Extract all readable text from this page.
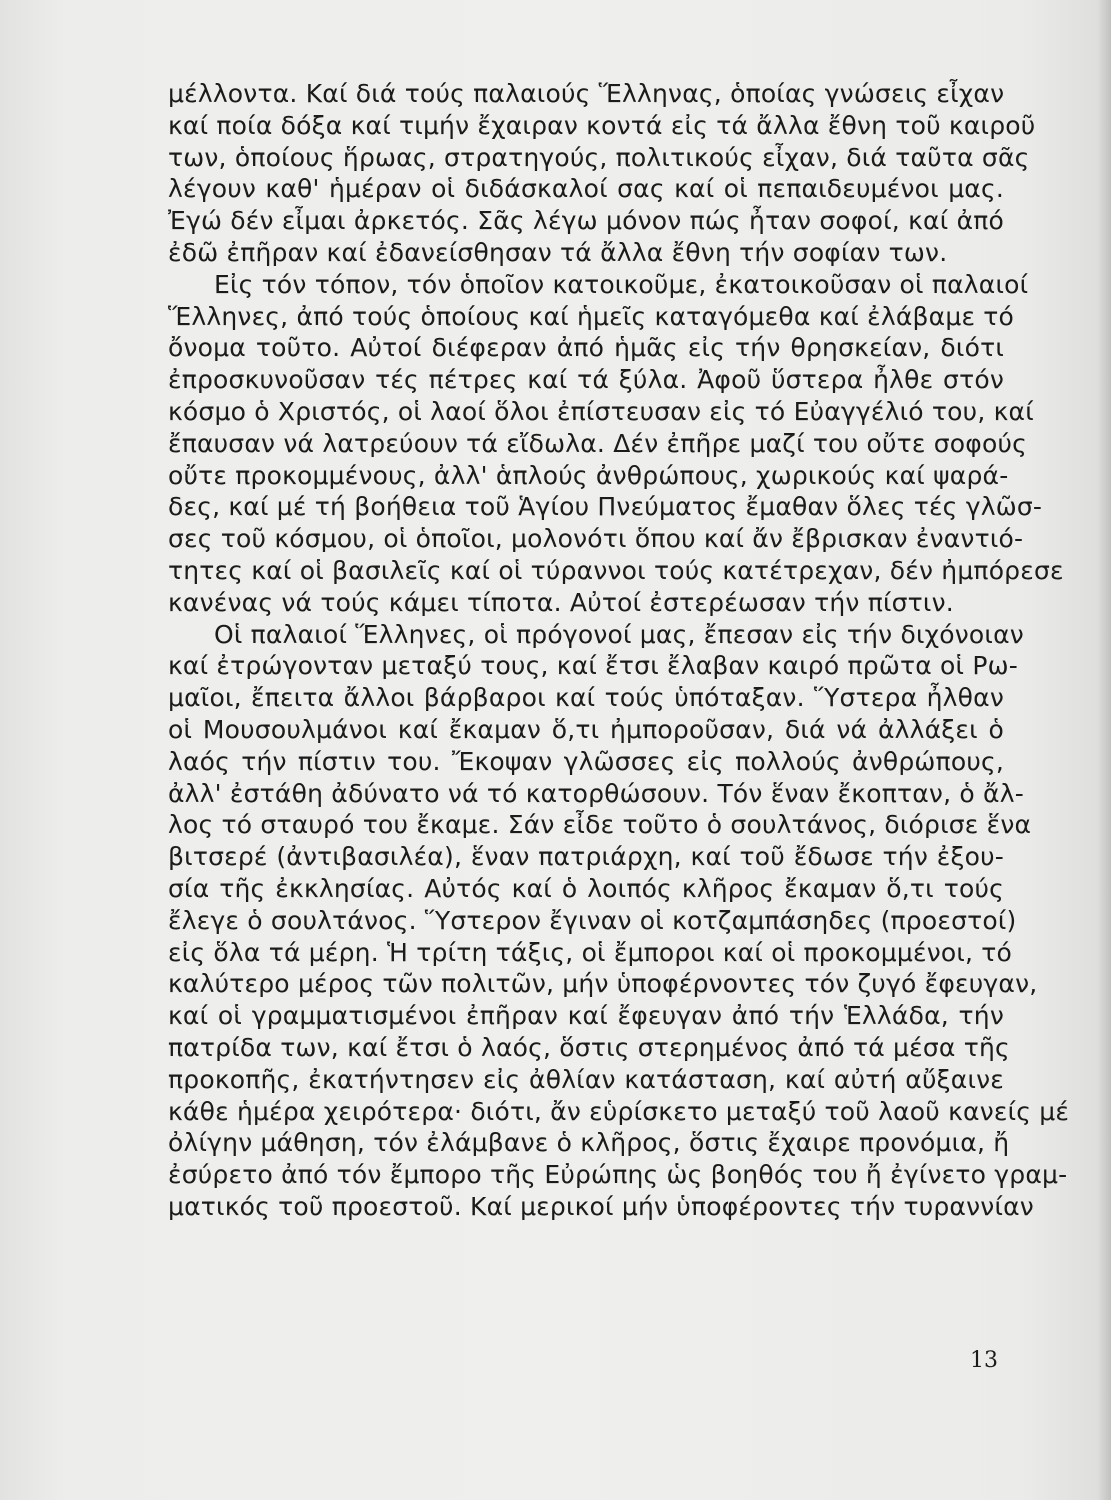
μέλλοντα. Καί διά τούς παλαιούς Ἕλληνας, ὁποίας γνώσεις εἶχαν
καί ποία δόξα καί τιμήν ἔχαιραν κοντά εἰς τά ἄλλα ἔθνη τοῦ καιροῦ
των, ὁποίους ἥρωας, στρατηγούς, πολιτικούς εἶχαν, διά ταῦτα σᾶς
λέγουν καθ' ἡμέραν οἱ διδάσκαλοί σας καί οἱ πεπαιδευμένοι μας.
Ἐγώ δέν εἶμαι ἀρκετός. Σᾶς λέγω μόνον πώς ἦταν σοφοί, καί ἀπό
ἐδῶ ἐπῆραν καί ἐδανείσθησαν τά ἄλλα ἔθνη τήν σοφίαν των.
Εἰς τόν τόπον, τόν ὁποῖον κατοικοῦμε, ἐκατοικοῦσαν οἱ παλαιοί
Ἕλληνες, ἀπό τούς ὁποίους καί ἡμεῖς καταγόμεθα καί ἐλάβαμε τό
ὄνομα τοῦτο. Αὐτοί διέφεραν ἀπό ἡμᾶς εἰς τήν θρησκείαν, διότι
ἐπροσκυνοῦσαν τές πέτρες καί τά ξύλα. Ἀφοῦ ὕστερα ἦλθε στόν
κόσμο ὁ Χριστός, οἱ λαοί ὅλοι ἐπίστευσαν εἰς τό Εὐαγγέλιό του, καί
ἔπαυσαν νά λατρεύουν τά εἴδωλα. Δέν ἐπῆρε μαζί του οὔτε σοφούς
οὔτε προκομμένους, ἀλλ' ἁπλούς ἀνθρώπους, χωρικούς καί ψαρά-
δες, καί μέ τή βοήθεια τοῦ Ἁγίου Πνεύματος ἔμαθαν ὅλες τές γλῶσ-
σες τοῦ κόσμου, οἱ ὁποῖοι, μολονότι ὅπου καί ἄν ἔβρισκαν ἐναντιό-
τητες καί οἱ βασιλεῖς καί οἱ τύραννοι τούς κατέτρεχαν, δέν ἠμπόρεσε
κανένας νά τούς κάμει τίποτα. Αὐτοί ἐστερέωσαν τήν πίστιν.
Οἱ παλαιοί Ἕλληνες, οἱ πρόγονοί μας, ἔπεσαν εἰς τήν διχόνοιαν
καί ἐτρώγονταν μεταξύ τους, καί ἔτσι ἔλαβαν καιρό πρῶτα οἱ Ρω-
μαῖοι, ἔπειτα ἄλλοι βάρβαροι καί τούς ὑπόταξαν. Ὕστερα ἦλθαν
οἱ Μουσουλμάνοι καί ἔκαμαν ὅ,τι ἠμποροῦσαν, διά νά ἀλλάξει ὁ
λαός τήν πίστιν του. Ἔκοψαν γλῶσσες εἰς πολλούς ἀνθρώπους,
ἀλλ' ἐστάθη ἀδύνατο νά τό κατορθώσουν. Τόν ἕναν ἔκοπταν, ὁ ἄλ-
λος τό σταυρό του ἔκαμε. Σάν εἶδε τοῦτο ὁ σουλτάνος, διόρισε ἕνα
βιτσερέ (ἀντιβασιλέα), ἕναν πατριάρχη, καί τοῦ ἔδωσε τήν ἐξου-
σία τῆς ἐκκλησίας. Αὐτός καί ὁ λοιπός κλῆρος ἔκαμαν ὅ,τι τούς
ἔλεγε ὁ σουλτάνος. Ὕστερον ἔγιναν οἱ κοτζαμπάσηδες (προεστοί)
εἰς ὅλα τά μέρη. Ἡ τρίτη τάξις, οἱ ἔμποροι καί οἱ προκομμένοι, τό
καλύτερο μέρος τῶν πολιτῶν, μήν ὑποφέρνοντες τόν ζυγό ἔφευγαν,
καί οἱ γραμματισμένοι ἐπῆραν καί ἔφευγαν ἀπό τήν Ἑλλάδα, τήν
πατρίδα των, καί ἔτσι ὁ λαός, ὅστις στερημένος ἀπό τά μέσα τῆς
προκοπῆς, ἐκατήντησεν εἰς ἀθλίαν κατάσταση, καί αὐτή αὔξαινε
κάθε ἡμέρα χειρότερα· διότι, ἄν εὑρίσκετο μεταξύ τοῦ λαοῦ κανείς μέ
ὀλίγην μάθηση, τόν ἐλάμβανε ὁ κλῆρος, ὅστις ἔχαιρε προνόμια, ἤ
ἐσύρετο ἀπό τόν ἔμπορο τῆς Εὐρώπης ὡς βοηθός του ἤ ἐγίνετο γραμ-
ματικός τοῦ προεστοῦ. Καί μερικοί μήν ὑποφέροντες τήν τυραννίαν
13
